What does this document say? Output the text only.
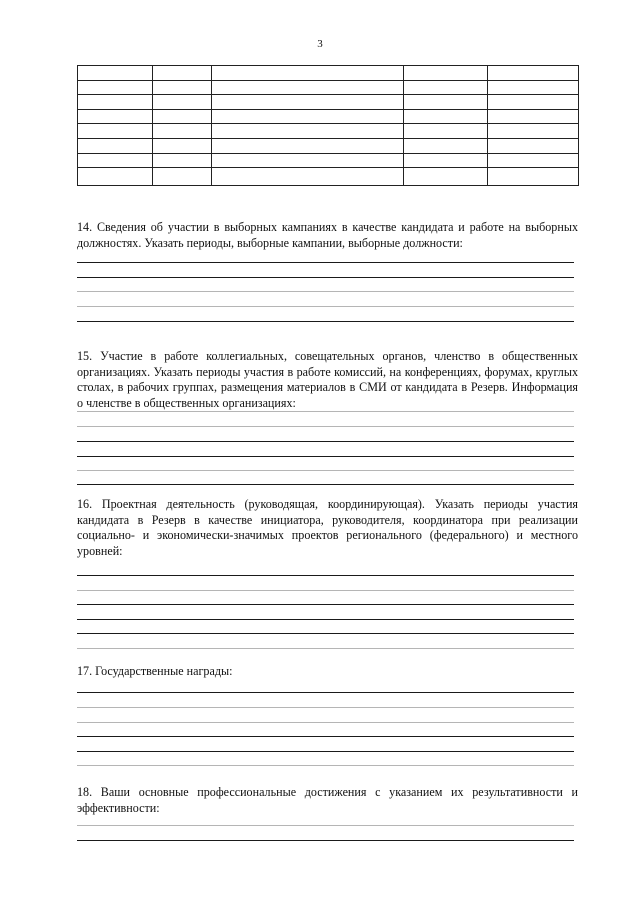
3

14. Сведения об участии в выборных кампаниях в качестве кандидата и работе на выборных должностях. Указать периоды, выборные кампании, выборные должности:

15. Участие в работе коллегиальных, совещательных органов, членство в общественных организациях. Указать периоды участия в работе комиссий, на конференциях, форумах, круглых столах, в рабочих группах, размещения материалов в СМИ от кандидата в Резерв. Информация о членстве в общественных организациях:

16. Проектная деятельность (руководящая, координирующая). Указать периоды участия кандидата в Резерв в качестве инициатора, руководителя, координатора при реализации социально- и экономически-значимых проектов регионального (федерального) и местного уровней:

17. Государственные награды:

18. Ваши основные профессиональные достижения с указанием их результативности и эффективности:
